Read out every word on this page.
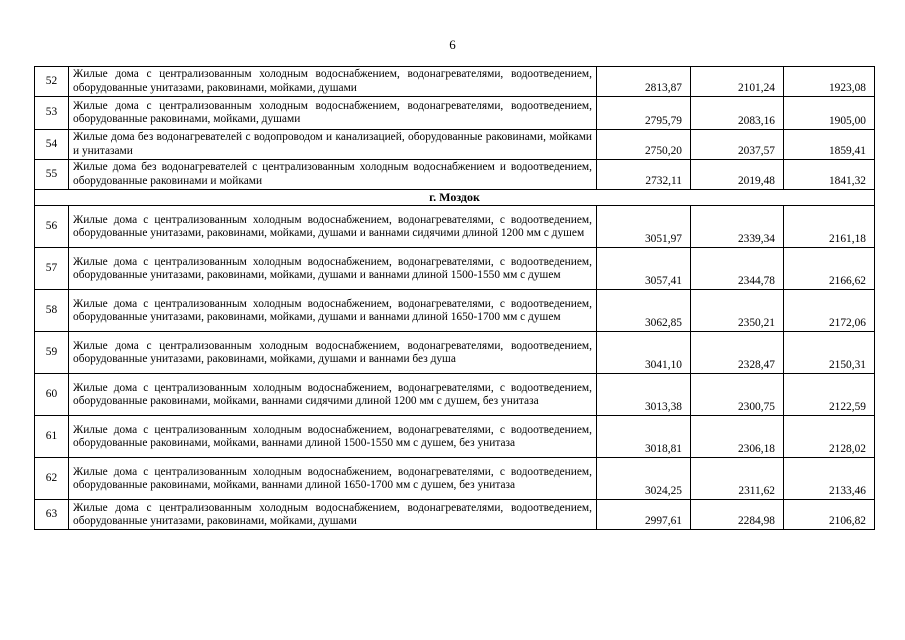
6
52	Жилые дома с централизованным холодным водоснабжением, водонагревателями, водоотведением, оборудованные унитазами, раковинами, мойками, душами	2813,87	2101,24	1923,08
53	Жилые дома с централизованным холодным водоснабжением, водонагревателями, водоотведением, оборудованные раковинами, мойками, душами	2795,79	2083,16	1905,00
54	Жилые дома без водонагревателей с водопроводом и канализацией, оборудованные раковинами, мойками и унитазами	2750,20	2037,57	1859,41
55	Жилые дома без водонагревателей с централизованным холодным водоснабжением и водоотведением, оборудованные раковинами и мойками	2732,11	2019,48	1841,32
г. Моздок				
56	Жилые дома с централизованным холодным водоснабжением, водонагревателями, с водоотведением, оборудованные унитазами, раковинами, мойками, душами и ваннами сидячими длиной 1200 мм с душем	3051,97	2339,34	2161,18
57	Жилые дома с централизованным холодным водоснабжением, водонагревателями, с водоотведением, оборудованные унитазами, раковинами, мойками, душами и ваннами длиной 1500-1550 мм с душем	3057,41	2344,78	2166,62
58	Жилые дома с централизованным холодным водоснабжением, водонагревателями, с водоотведением, оборудованные унитазами, раковинами, мойками, душами и ваннами длиной 1650-1700 мм с душем	3062,85	2350,21	2172,06
59	Жилые дома с централизованным холодным водоснабжением, водонагревателями, водоотведением, оборудованные унитазами, раковинами, мойками, душами и ваннами без душа	3041,10	2328,47	2150,31
60	Жилые дома с централизованным холодным водоснабжением, водонагревателями, с водоотведением, оборудованные раковинами, мойками, ваннами сидячими длиной 1200 мм с душем, без унитаза	3013,38	2300,75	2122,59
61	Жилые дома с централизованным холодным водоснабжением, водонагревателями, с водоотведением, оборудованные раковинами, мойками, ваннами длиной 1500-1550 мм с душем, без унитаза	3018,81	2306,18	2128,02
62	Жилые дома с централизованным холодным водоснабжением, водонагревателями, с водоотведением, оборудованные раковинами, мойками, ваннами длиной 1650-1700 мм с душем, без унитаза	3024,25	2311,62	2133,46
63	Жилые дома с централизованным холодным водоснабжением, водонагревателями, водоотведением, оборудованные унитазами, раковинами, мойками, душами	2997,61	2284,98	2106,82
